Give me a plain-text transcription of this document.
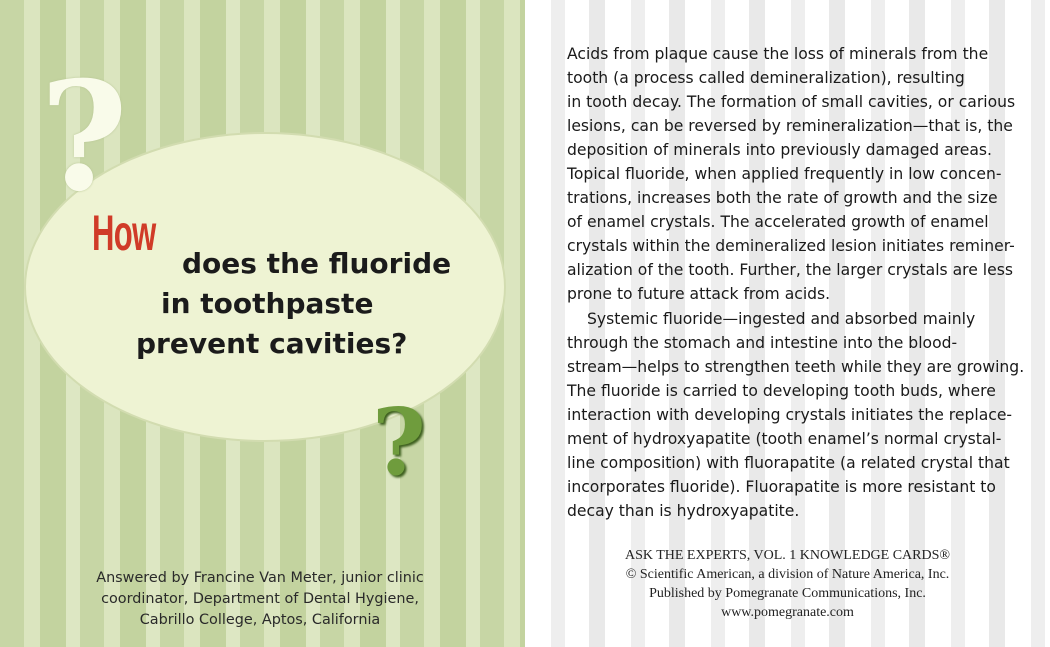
?
?
How
does the fluoride
in toothpaste
prevent cavities?
Answered by Francine Van Meter, junior clinic
coordinator, Department of Dental Hygiene,
Cabrillo College, Aptos, California
Acids from plaque cause the loss of minerals from the
tooth (a process called demineralization), resulting
in tooth decay. The formation of small cavities, or carious
lesions, can be reversed by remineralization—that is, the
deposition of minerals into previously damaged areas.
Topical fluoride, when applied frequently in low concen-
trations, increases both the rate of growth and the size
of enamel crystals. The accelerated growth of enamel
crystals within the demineralized lesion initiates reminer-
alization of the tooth. Further, the larger crystals are less
prone to future attack from acids.
Systemic fluoride—ingested and absorbed mainly
through the stomach and intestine into the blood-
stream—helps to strengthen teeth while they are growing.
The fluoride is carried to developing tooth buds, where
interaction with developing crystals initiates the replace-
ment of hydroxyapatite (tooth enamel’s normal crystal-
line composition) with fluorapatite (a related crystal that
incorporates fluoride). Fluorapatite is more resistant to
decay than is hydroxyapatite.
ASK THE EXPERTS, VOL. 1 KNOWLEDGE CARDS®
© Scientific American, a division of Nature America, Inc.
Published by Pomegranate Communications, Inc.
www.pomegranate.com
